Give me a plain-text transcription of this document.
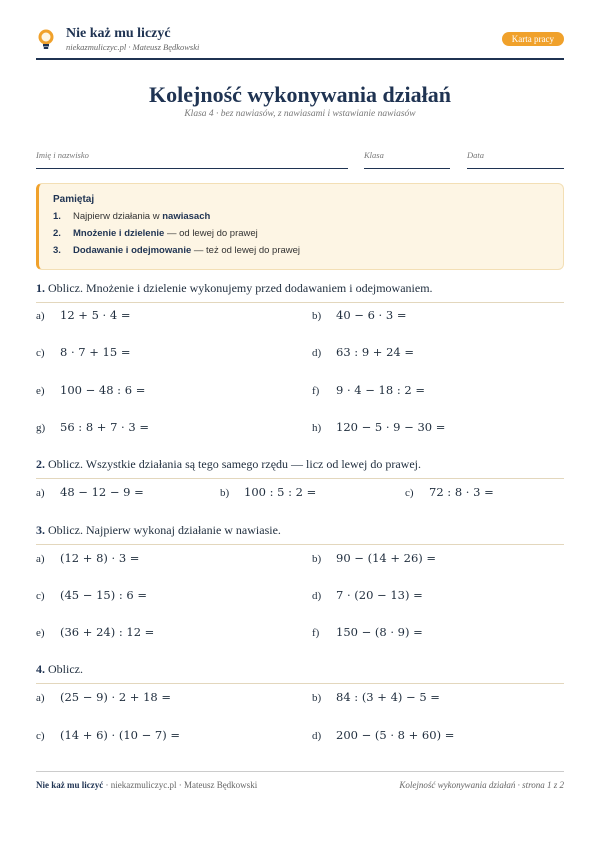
Nie każ mu liczyć
niekazmuliczyc.pl · Mateusz Będkowski
Karta pracy
Kolejność wykonywania działań
Klasa 4 · bez nawiasów, z nawiasami i wstawianie nawiasów
Imię i nazwisko	Klasa	Data
Pamiętaj
1.	Najpierw działania w nawiasach
2.	Mnożenie i dzielenie — od lewej do prawej
3.	Dodawanie i odejmowanie — też od lewej do prawej
1. Oblicz. Mnożenie i dzielenie wykonujemy przed dodawaniem i odejmowaniem.
a) 12 + 5 · 4 =	b) 40 − 6 · 3 =
c) 8 · 7 + 15 =	d) 63 : 9 + 24 =
e) 100 − 48 : 6 =	f) 9 · 4 − 18 : 2 =
g) 56 : 8 + 7 · 3 =	h) 120 − 5 · 9 − 30 =
2. Oblicz. Wszystkie działania są tego samego rzędu — licz od lewej do prawej.
a) 48 − 12 − 9 =	b) 100 : 5 : 2 =	c) 72 : 8 · 3 =
3. Oblicz. Najpierw wykonaj działanie w nawiasie.
a) (12 + 8) · 3 =	b) 90 − (14 + 26) =
c) (45 − 15) : 6 =	d) 7 · (20 − 13) =
e) (36 + 24) : 12 =	f) 150 − (8 · 9) =
4. Oblicz.
a) (25 − 9) · 2 + 18 =	b) 84 : (3 + 4) − 5 =
c) (14 + 6) · (10 − 7) =	d) 200 − (5 · 8 + 60) =
Nie każ mu liczyć · niekazmuliczyc.pl · Mateusz Będkowski	Kolejność wykonywania działań · strona 1 z 2
